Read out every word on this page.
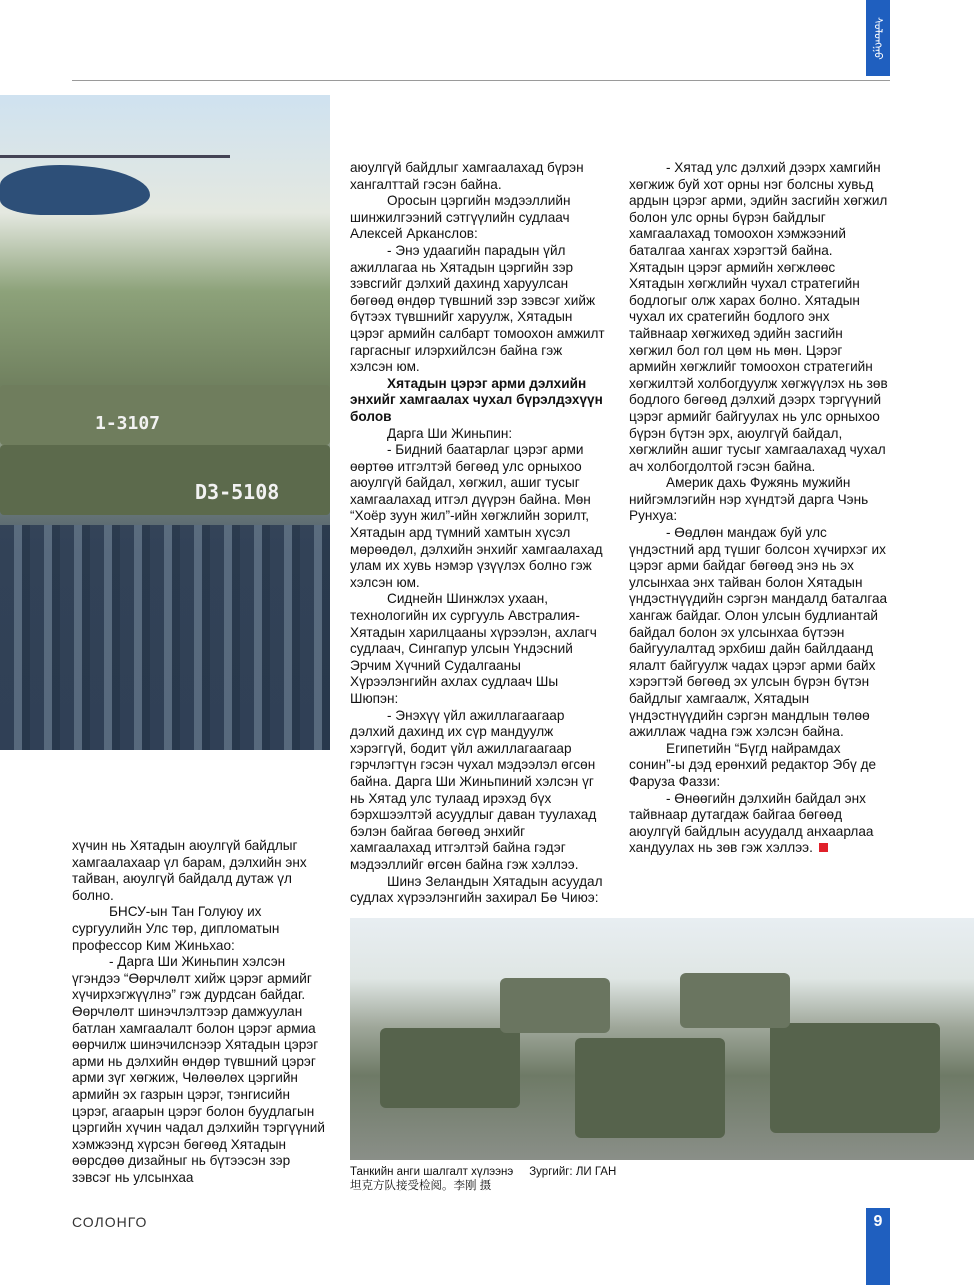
ᠰᠣᠯᠣᠩᠭᠤ
1-3107
D3-5108

аюулгүй байдлыг хамгаалахад бүрэн хангалттай гэсэн байна.

Оросын цэргийн мэдээллийн шинжилгээний сэтгүүлийн судлаач Алексей Арканслов:

- Энэ удаагийн парадын үйл ажиллагаа нь Хятадын цэргийн зэр зэвсгийг дэлхий дахинд харуулсан бөгөөд өндөр түвшний зэр зэвсэг хийж бүтээх түвшнийг харуулж, Хятадын цэрэг армийн салбарт томоохон амжилт гаргасныг илэрхийлсэн байна гэж хэлсэн юм.

Хятадын цэрэг арми дэлхийн энхийг хамгаалах чухал бүрэлдэхүүн болов

Дарга Ши Жиньпин:

- Бидний баатарлаг цэрэг арми өөртөө итгэлтэй бөгөөд улс орныхоо аюулгүй байдал, хөгжил, ашиг тусыг хамгаалахад итгэл дүүрэн байна. Мөн “Хоёр зуун жил”-ийн хөгжлийн зорилт, Хятадын ард түмний хамтын хүсэл мөрөөдөл, дэлхийн энхийг хамгаалахад улам их хувь нэмэр үзүүлэх болно гэж хэлсэн юм.

Сиднейн Шинжлэх ухаан, технологийн их сургууль Австралия-Хятадын харилцааны хүрээлэн, ахлагч судлаач, Сингапур улсын Үндэсний Эрчим Хүчний Судалгааны Хүрээлэнгийн ахлах судлаач Шы Шюпэн:

- Энэхүү үйл ажиллагаагаар дэлхий дахинд их сүр мандуулж хэрэггүй, бодит үйл ажиллагаагаар гэрчлэгтүн гэсэн чухал мэдээлэл өгсөн байна. Дарга Ши Жиньпиний хэлсэн үг нь Хятад улс тулаад ирэхэд бүх бэрхшээлтэй асуудлыг даван туулахад бэлэн байгаа бөгөөд энхийг хамгаалахад итгэлтэй байна гэдэг мэдээллийг өгсөн байна гэж хэллээ.

Шинэ Зеландын Хятадын асуудал судлах хүрээлэнгийн захирал Бө Чиюэ:

- Хятад улс дэлхий дээрх хамгийн хөгжиж буй хот орны нэг болсны хувьд ардын цэрэг арми, эдийн засгийн хөгжил болон улс орны бүрэн байдлыг хамгаалахад томоохон хэмжээний баталгаа хангах хэрэгтэй байна. Хятадын цэрэг армийн хөгжлөөс Хятадын хөгжлийн чухал стратегийн бодлогыг олж харах болно. Хятадын чухал их сратегийн бодлого энх тайвнаар хөгжихөд эдийн засгийн хөгжил бол гол цөм нь мөн. Цэрэг армийн хөгжлийг томоохон стратегийн хөгжилтэй холбогдуулж хөгжүүлэх нь зөв бодлого бөгөөд дэлхий дээрх тэргүүний цэрэг армийг байгуулах нь улс орныхоо бүрэн бүтэн эрх, аюулгүй байдал, хөгжлийн ашиг тусыг хамгаалахад чухал ач холбогдолтой гэсэн байна.

Америк дахь Фужянь мужийн нийгэмлэгийн нэр хүндтэй дарга Чэнь Рунхуа:

- Өөдлөн мандаж буй улс үндэстний ард түшиг болсон хүчирхэг их цэрэг арми байдаг бөгөөд энэ нь эх улсынхаа энх тайван болон Хятадын үндэстнүүдийн сэргэн мандалд баталгаа хангаж байдаг. Олон улсын будлиантай байдал болон эх улсынхаа бүтээн байгуулалтад эрхбиш дайн байлдаанд ялалт байгуулж чадах цэрэг арми байх хэрэгтэй бөгөөд эх улсын бүрэн бүтэн байдлыг хамгаалж, Хятадын үндэстнүүдийн сэргэн мандлын төлөө ажиллаж чадна гэж хэлсэн байна.

Египетийн “Бүгд найрамдах сонин”-ы дэд ерөнхий редактор Эбү де Фаруза Фаззи:

- Өнөөгийн дэлхийн байдал энх тайвнаар дутагдаж байгаа бөгөөд аюулгүй байдлын асуудалд анхаарлаа хандуулах нь зөв гэж хэллээ.

хүчин нь Хятадын аюулгүй байдлыг хамгаалахаар үл барам, дэлхийн энх тайван, аюулгүй байдалд дутаж үл болно.

БНСУ-ын Тан Голуюу их сургуулийн Улс төр, дипломатын профессор Ким Жиньхао:

- Дарга Ши Жиньпин хэлсэн үгэндээ “Өөрчлөлт хийж цэрэг армийг хүчирхэгжүүлнэ” гэж дурдсан байдаг. Өөрчлөлт шинэчлэлтээр дамжуулан батлан хамгаалалт болон цэрэг армиа өөрчилж шинэчилснээр Хятадын цэрэг арми нь дэлхийн өндөр түвшний цэрэг арми зүг хөгжиж, Чөлөөлөх цэргийн армийн эх газрын цэрэг, тэнгисийн цэрэг, агаарын цэрэг болон буудлагын цэргийн хүчин чадал дэлхийн тэргүүний хэмжээнд хүрсэн бөгөөд Хятадын өөрсдөө дизайныг нь бүтээсэн зэр зэвсэг нь улсынхаа	Танкийн анги шалгалт хүлээнэ Зургийг: ЛИ ГАН
坦克方队接受检阅。李刚 摄
СОЛОНГО	9
